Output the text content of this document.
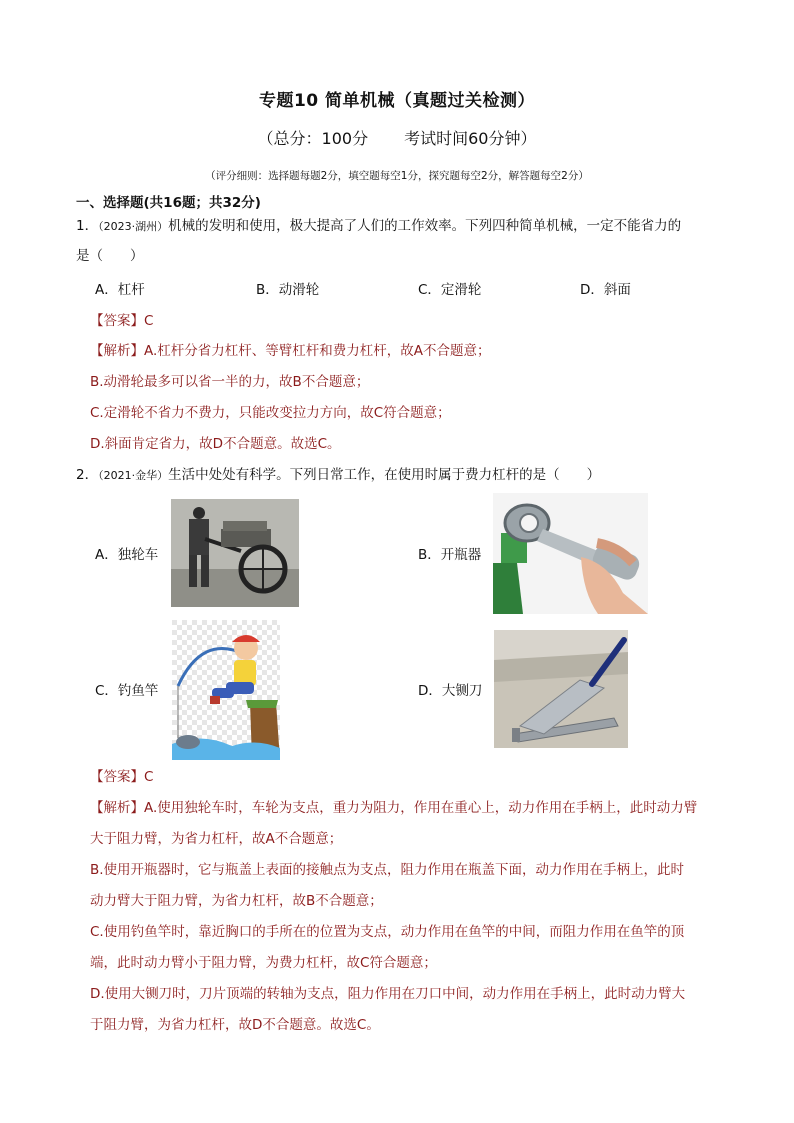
专题10 简单机械（真题过关检测）
（总分：100分 考试时间60分钟）
（评分细则：选择题每题2分，填空题每空1分，探究题每空2分，解答题每空2分）
一、选择题(共16题；共32分)
1．（2023·湖州）机械的发明和使用，极大提高了人们的工作效率。下列四种简单机械，一定不能省力的
是（　　）
A．杠杆	B．动滑轮	C．定滑轮	D．斜面
【答案】C
【解析】A.杠杆分省力杠杆、等臂杠杆和费力杠杆，故A不合题意；
B.动滑轮最多可以省一半的力，故B不合题意；
C.定滑轮不省力不费力，只能改变拉力方向，故C符合题意；
D.斜面肯定省力，故D不合题意。故选C。
2．（2021·金华）生活中处处有科学。下列日常工作，在使用时属于费力杠杆的是（　　）
A．独轮车	B．开瓶器
C．钓鱼竿	D．大铡刀
【答案】C
【解析】A.使用独轮车时，车轮为支点，重力为阻力，作用在重心上，动力作用在手柄上，此时动力臂
大于阻力臂，为省力杠杆，故A不合题意；
B.使用开瓶器时，它与瓶盖上表面的接触点为支点，阻力作用在瓶盖下面，动力作用在手柄上，此时
动力臂大于阻力臂，为省力杠杆，故B不合题意；
C.使用钓鱼竿时，靠近胸口的手所在的位置为支点，动力作用在鱼竿的中间，而阻力作用在鱼竿的顶
端，此时动力臂小于阻力臂，为费力杠杆，故C符合题意；
D.使用大铡刀时，刀片顶端的转轴为支点，阻力作用在刀口中间，动力作用在手柄上，此时动力臂大
于阻力臂，为省力杠杆，故D不合题意。故选C。
